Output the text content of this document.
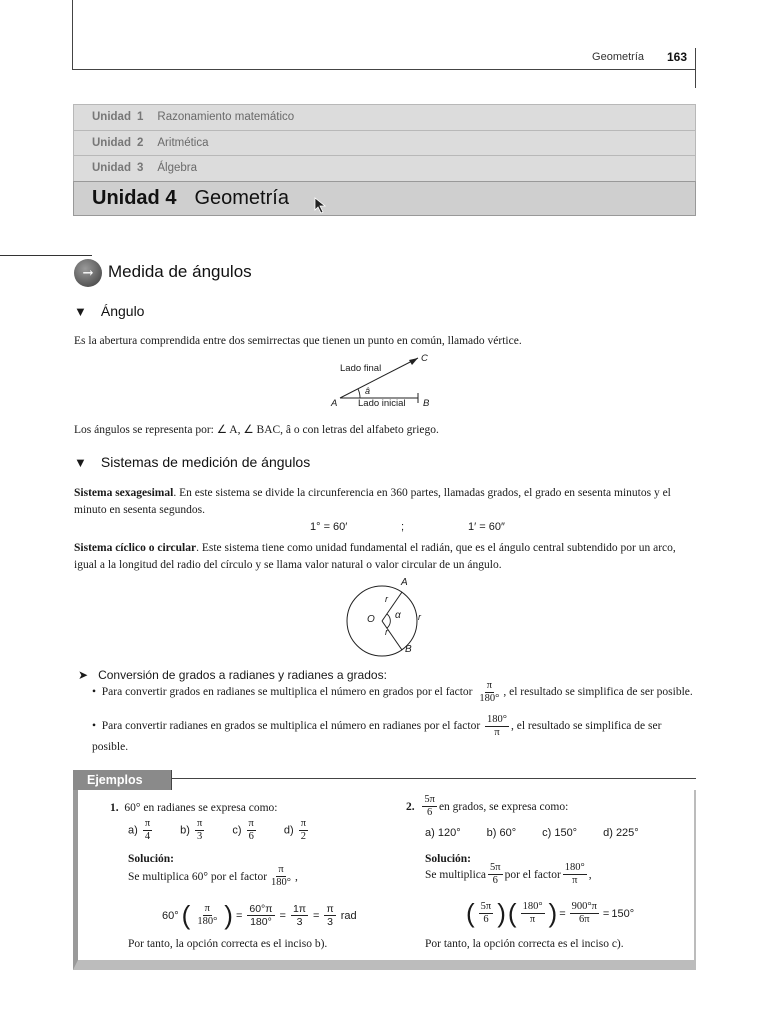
Geometría 163
Unidad 1 Razonamiento matemático
Unidad 2 Aritmética
Unidad 3 Álgebra
Unidad 4 Geometría
→ Medida de ángulos
▼ Ángulo
Es la abertura comprendida entre dos semirrectas que tienen un punto en común, llamado vértice.
Lado final
Lado inicial
â
A	B
C
Los ángulos se representa por: ∠ A, ∠ BAC, â o con letras del alfabeto griego.
▼ Sistemas de medición de ángulos
Sistema sexagesimal. En este sistema se divide la circunferencia en 360 partes, llamadas grados, el grado en sesenta minutos y el minuto en sesenta segundos.
1° = 60′	;	1′ = 60″
Sistema cíclico o circular. Este sistema tiene como unidad fundamental el radián, que es el ángulo central subtendido por un arco, igual a la longitud del radio del círculo y se llama valor natural o valor circular de un ángulo.
A
B
O α
r
r
r
➤ Conversión de grados a radianes y radianes a grados:
• Para convertir grados en radianes se multiplica el número en grados por el factor $\frac{\pi}{180^\circ}$ , el resultado se simplifica de ser posible.
• Para convertir radianes en grados se multiplica el número en radianes por el factor $\frac{180^\circ}{\pi}$ , el resultado se simplifica de ser posible.
Ejemplos
1. 60° en radianes se expresa como:
$a) \frac{\pi}{4}$	$b) \frac{\pi}{3}$	$c) \frac{\pi}{6}$	$d) \frac{\pi}{2}$
Solución:
Se multiplica 60° por el factor $\frac{\pi}{180^\circ}$ ,
60° ( $\frac{\pi}{180^\circ}$ ) = $\frac{60^\circ\pi}{180^\circ} = \frac{1\pi}{3} = \frac{\pi}{3}$ rad
Por tanto, la opción correcta es el inciso b).
2.
$\frac{5\pi}{6}$ en grados, se expresa como:
a) 120° b) 60° c) 150° d) 225°
Solución:
Se multiplica $\frac{5\pi}{6}$ por el factor $\frac{180^\circ}{\pi}$ ,
( $\frac{5\pi}{6}$ ) ( $\frac{180^\circ}{\pi}$ ) = $\frac{900^\circ\pi}{6\pi} = 150^\circ$
Por tanto, la opción correcta es el inciso c).
